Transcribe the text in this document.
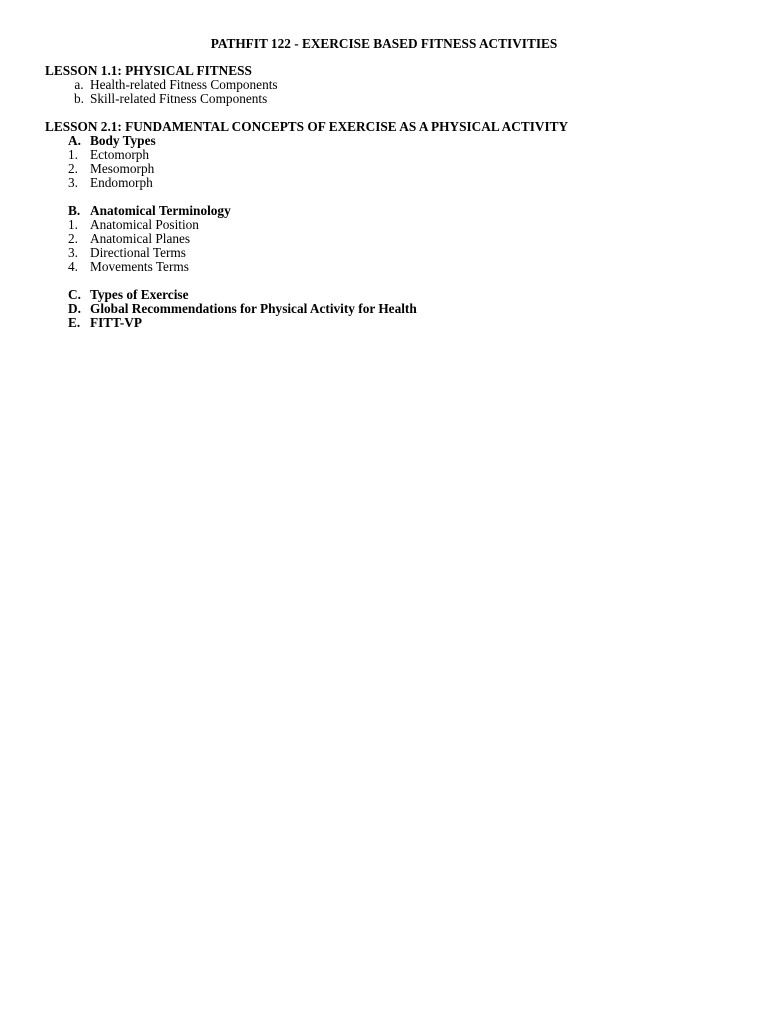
PATHFIT 122 - EXERCISE BASED FITNESS ACTIVITIES
LESSON 1.1: PHYSICAL FITNESS
a. Health-related Fitness Components
b. Skill-related Fitness Components
LESSON 2.1: FUNDAMENTAL CONCEPTS OF EXERCISE AS A PHYSICAL ACTIVITY
A. Body Types
1. Ectomorph
2. Mesomorph
3. Endomorph
B. Anatomical Terminology
1. Anatomical Position
2. Anatomical Planes
3. Directional Terms
4. Movements Terms
C. Types of Exercise
D. Global Recommendations for Physical Activity for Health
E. FITT-VP
